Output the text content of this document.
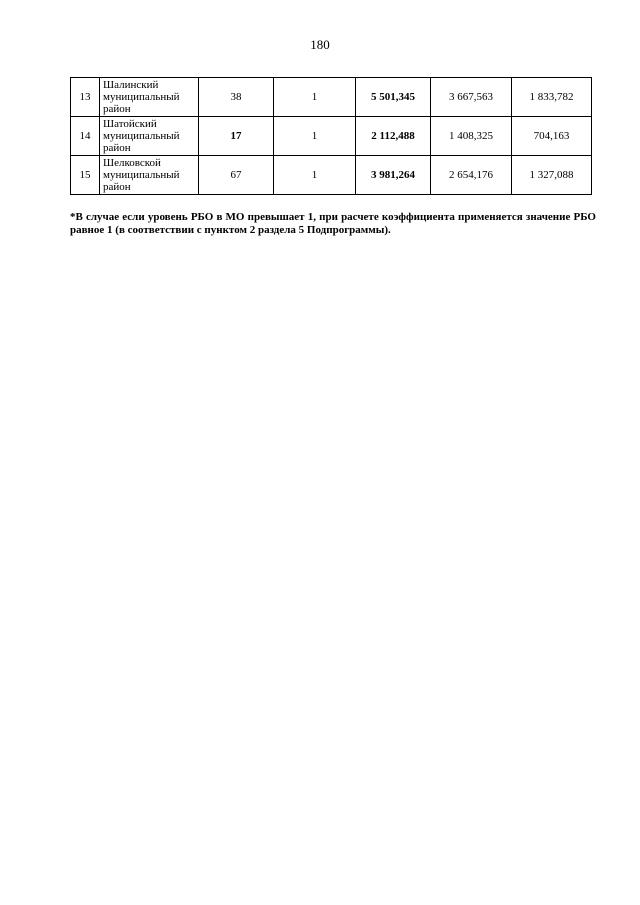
180
13	Шалинский муниципальный район	38	1	5 501,345	3 667,563	1 833,782
14	Шатойский муниципальный район	17	1	2 112,488	1 408,325	704,163
15	Шелковской муниципальный район	67	1	3 981,264	2 654,176	1 327,088
*В случае если уровень РБО в МО превышает 1, при расчете коэффициента применяется значение РБО равное 1 (в соответствии с пунктом 2 раздела 5 Подпрограммы).
